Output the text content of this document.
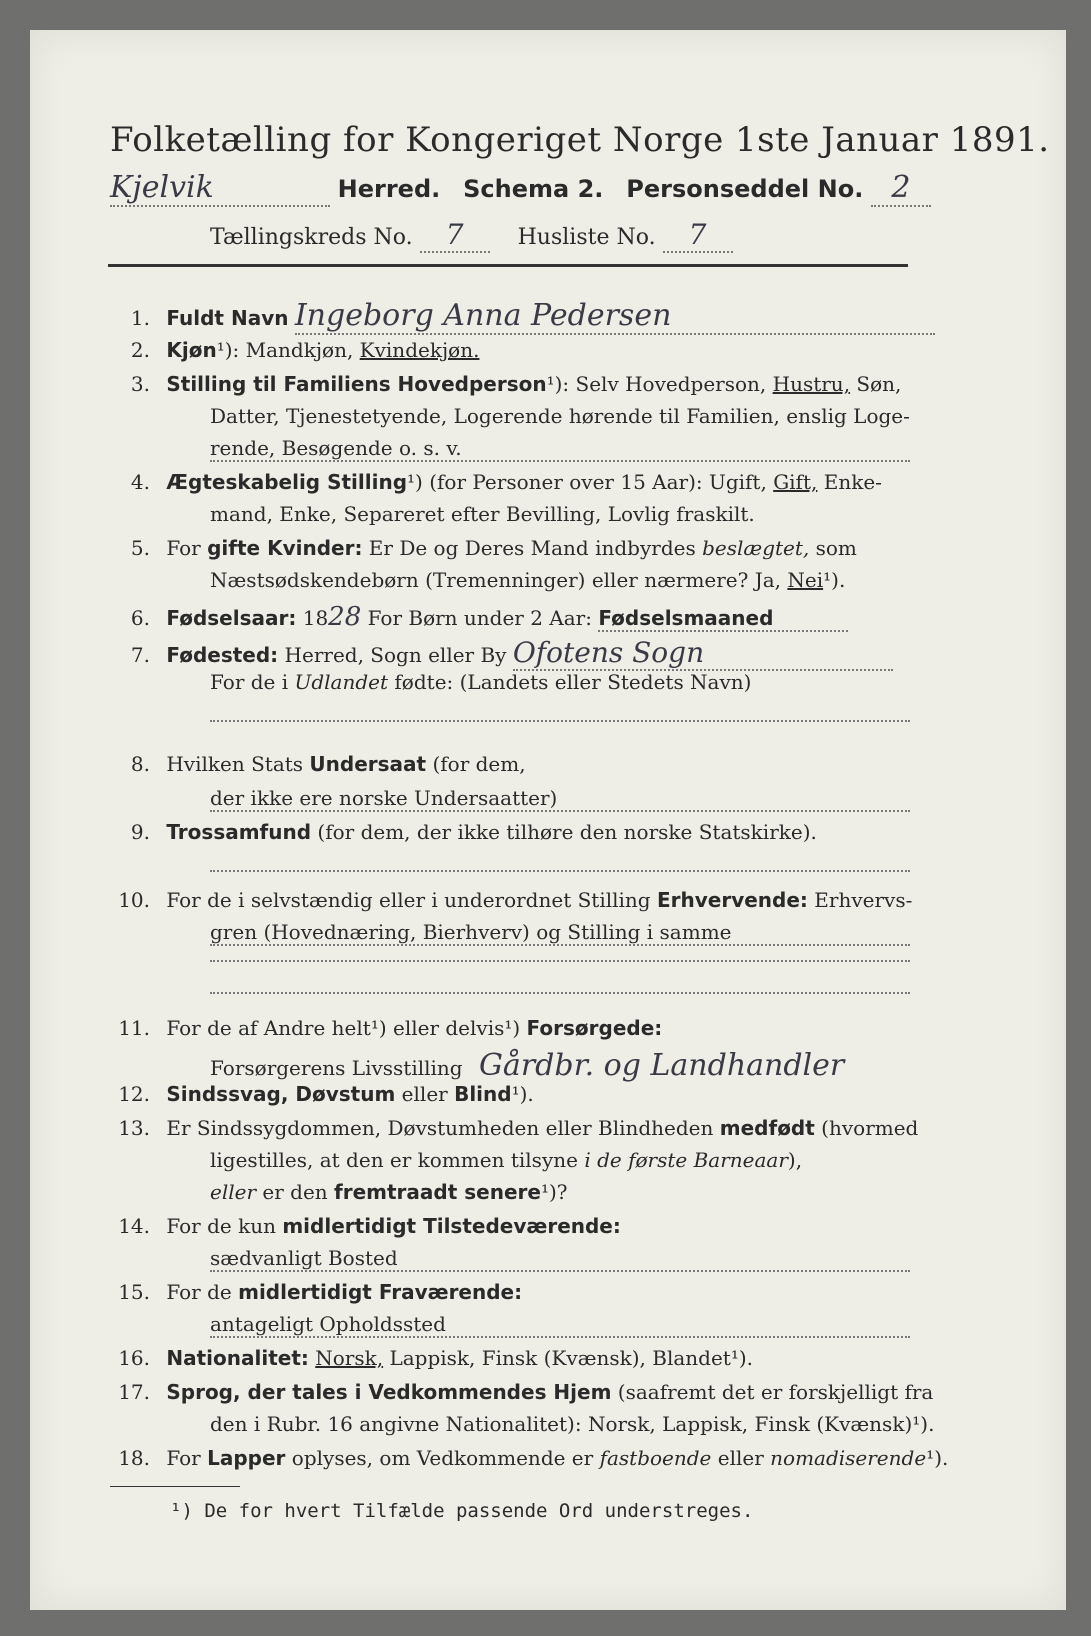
Folketælling for Kongeriget Norge 1ste Januar 1891.
Kjelvik	Herred. Schema 2. Personseddel No. 2
Tællingskreds No. 7 Husliste No. 7
1. Fuldt Navn Ingeborg Anna Pedersen
2. Kjøn¹): Mandkjøn, Kvindekjøn.
3. Stilling til Familiens Hovedperson¹): Selv Hovedperson, Hustru, Søn,
Datter, Tjenestetyende, Logerende hørende til Familien, enslig Loge-
rende, Besøgende o. s. v.
4. Ægteskabelig Stilling¹) (for Personer over 15 Aar): Ugift, Gift, Enke-
mand, Enke, Separeret efter Bevilling, Lovlig fraskilt.
5. For gifte Kvinder: Er De og Deres Mand indbyrdes beslægtet, som
Næstsødskendebørn (Tremenninger) eller nærmere? Ja, Nei¹).
6. Fødselsaar: 1828 For Børn under 2 Aar: Fødselsmaaned
7. Fødested: Herred, Sogn eller By Ofotens Sogn
For de i Udlandet fødte: (Landets eller Stedets Navn)
8. Hvilken Stats Undersaat (for dem,
der ikke ere norske Undersaatter)
9. Trossamfund (for dem, der ikke tilhøre den norske Statskirke).
10. For de i selvstændig eller i underordnet Stilling Erhvervende: Erhvervs-
gren (Hovednæring, Bierhverv) og Stilling i samme
11. For de af Andre helt¹) eller delvis¹) Forsørgede:
Forsørgerens Livsstilling Gårdbr. og Landhandler
12. Sindssvag, Døvstum eller Blind¹).
13. Er Sindssygdommen, Døvstumheden eller Blindheden medfødt (hvormed
ligestilles, at den er kommen tilsyne i de første Barneaar),
eller er den fremtraadt senere¹)?
14. For de kun midlertidigt Tilstedeværende:
sædvanligt Bosted
15. For de midlertidigt Fraværende:
antageligt Opholdssted
16. Nationalitet: Norsk, Lappisk, Finsk (Kvænsk), Blandet¹).
17. Sprog, der tales i Vedkommendes Hjem (saafremt det er forskjelligt fra
den i Rubr. 16 angivne Nationalitet): Norsk, Lappisk, Finsk (Kvænsk)¹).
18. For Lapper oplyses, om Vedkommende er fastboende eller nomadiserende¹).
¹) De for hvert Tilfælde passende Ord understreges.
